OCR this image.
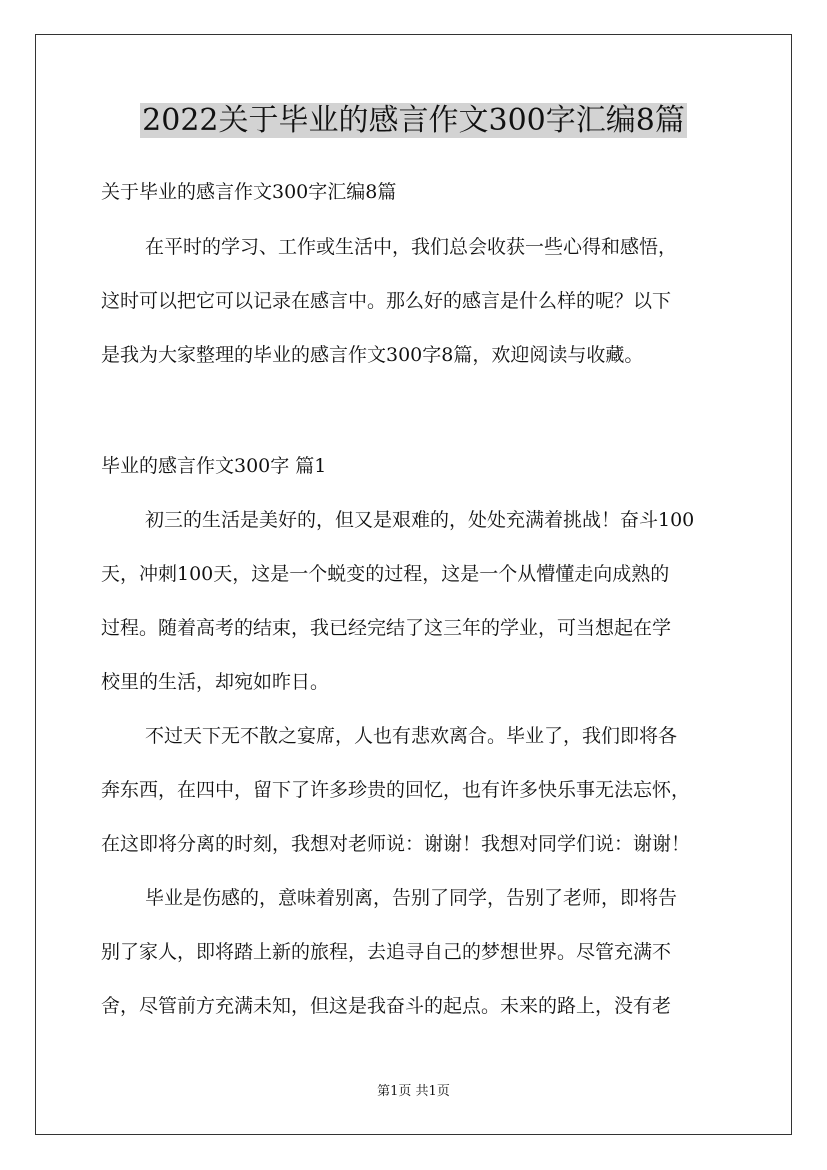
2022关于毕业的感言作文300字汇编8篇

关于毕业的感言作文300字汇编8篇

在平时的学习、工作或生活中，我们总会收获一些心得和感悟，

这时可以把它可以记录在感言中。那么好的感言是什么样的呢？以下

是我为大家整理的毕业的感言作文300字8篇，欢迎阅读与收藏。

毕业的感言作文300字 篇1

初三的生活是美好的，但又是艰难的，处处充满着挑战！奋斗100

天，冲刺100天，这是一个蜕变的过程，这是一个从懵懂走向成熟的

过程。随着高考的结束，我已经完结了这三年的学业，可当想起在学

校里的生活，却宛如昨日。

不过天下无不散之宴席，人也有悲欢离合。毕业了，我们即将各

奔东西，在四中，留下了许多珍贵的回忆，也有许多快乐事无法忘怀，

在这即将分离的时刻，我想对老师说：谢谢！我想对同学们说：谢谢！

毕业是伤感的，意味着别离，告别了同学，告别了老师，即将告

别了家人，即将踏上新的旅程，去追寻自己的梦想世界。尽管充满不

舍，尽管前方充满未知，但这是我奋斗的起点。未来的路上，没有老

第1页 共1页
